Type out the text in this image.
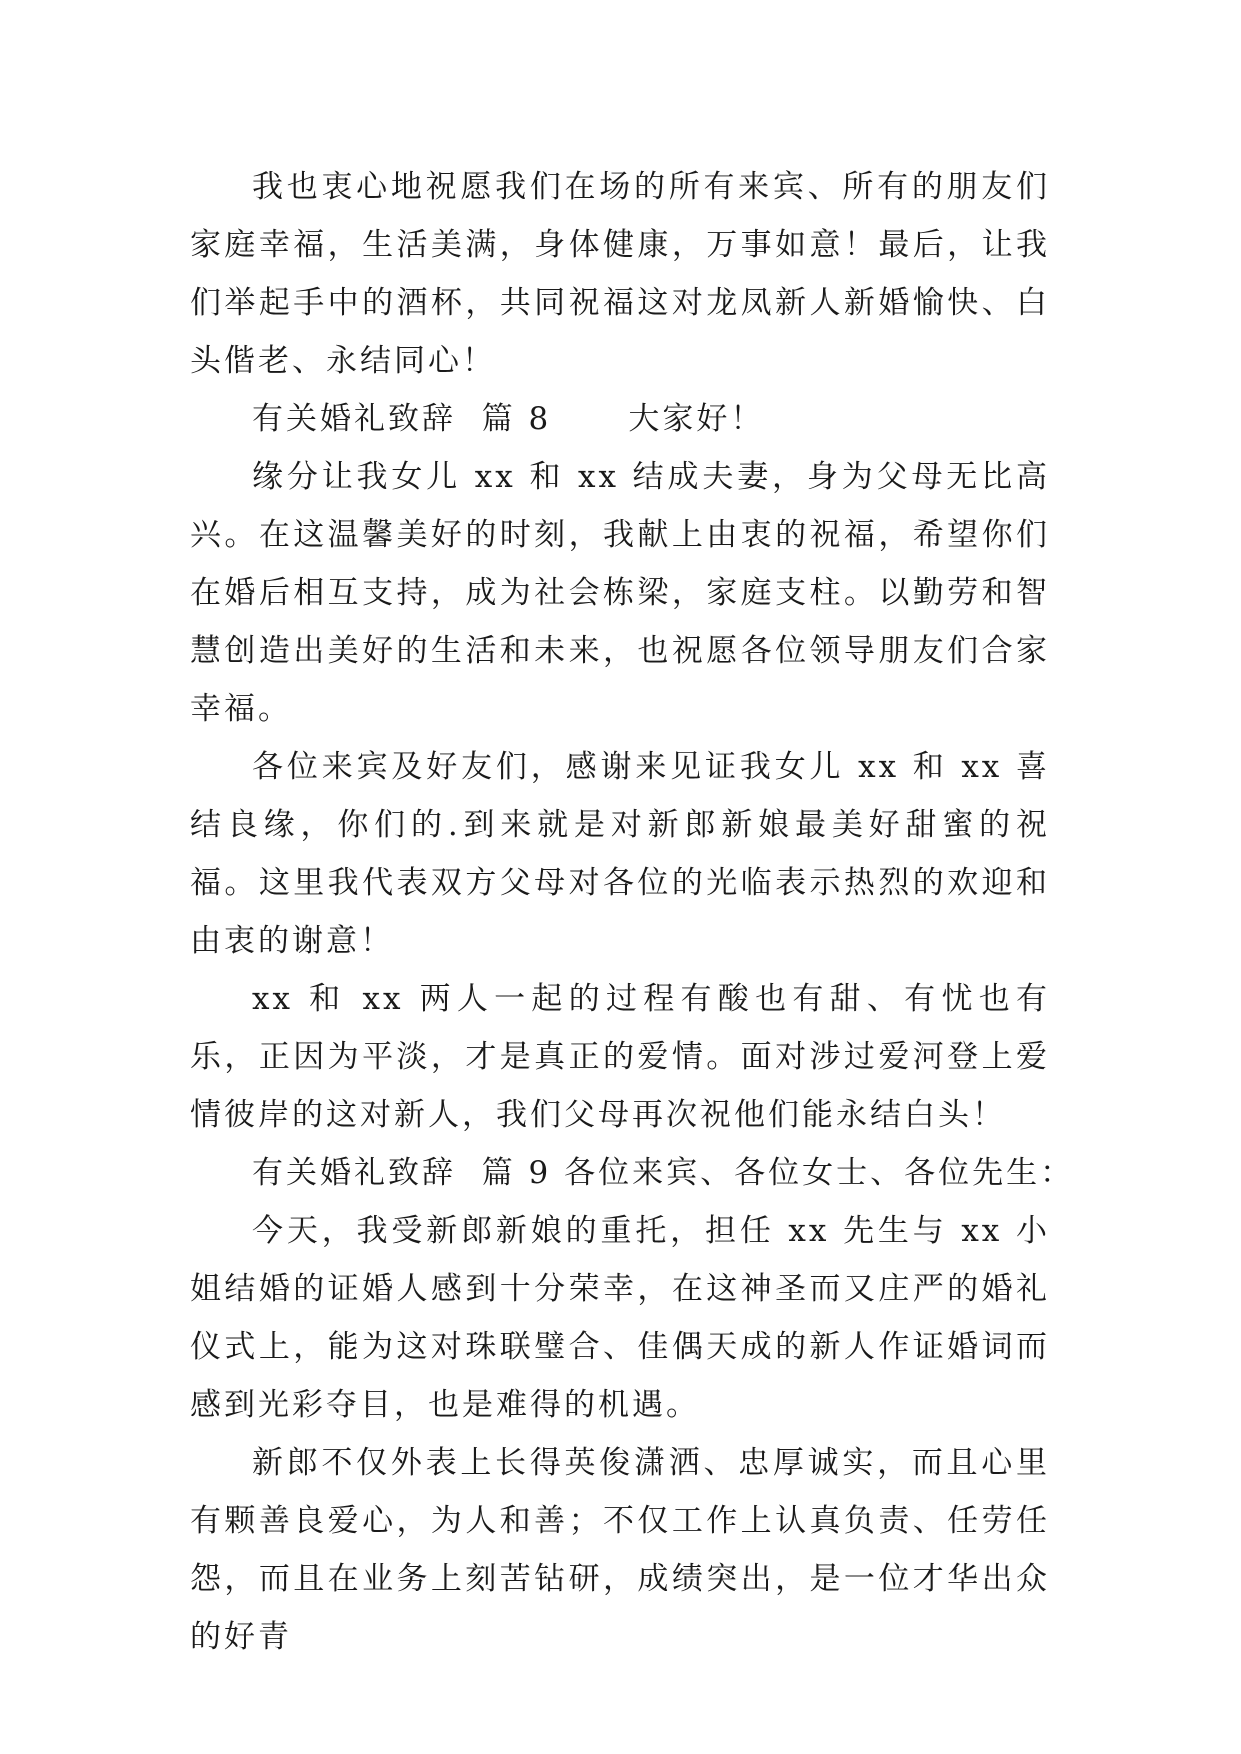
我也衷心地祝愿我们在场的所有来宾、所有的朋友们家庭幸福，生活美满，身体健康，万事如意！最后，让我们举起手中的酒杯，共同祝福这对龙凤新人新婚愉快、白头偕老、永结同心！

有关婚礼致辞  篇 8      大家好！

缘分让我女儿 xx 和 xx 结成夫妻，身为父母无比高兴。在这温馨美好的时刻，我献上由衷的祝福，希望你们在婚后相互支持，成为社会栋梁，家庭支柱。以勤劳和智慧创造出美好的生活和未来，也祝愿各位领导朋友们合家幸福。

各位来宾及好友们，感谢来见证我女儿 xx 和 xx 喜结良缘，你们的.到来就是对新郎新娘最美好甜蜜的祝福。这里我代表双方父母对各位的光临表示热烈的欢迎和由衷的谢意！

xx 和 xx 两人一起的过程有酸也有甜、有忧也有乐，正因为平淡，才是真正的爱情。面对涉过爱河登上爱情彼岸的这对新人，我们父母再次祝他们能永结白头！

有关婚礼致辞  篇 9 各位来宾、各位女士、各位先生：

今天，我受新郎新娘的重托，担任 xx 先生与 xx 小姐结婚的证婚人感到十分荣幸，在这神圣而又庄严的婚礼仪式上，能为这对珠联璧合、佳偶天成的新人作证婚词而感到光彩夺目，也是难得的机遇。

新郎不仅外表上长得英俊潇洒、忠厚诚实，而且心里有颗善良爱心，为人和善；不仅工作上认真负责、任劳任怨，而且在业务上刻苦钻研，成绩突出，是一位才华出众的好青
